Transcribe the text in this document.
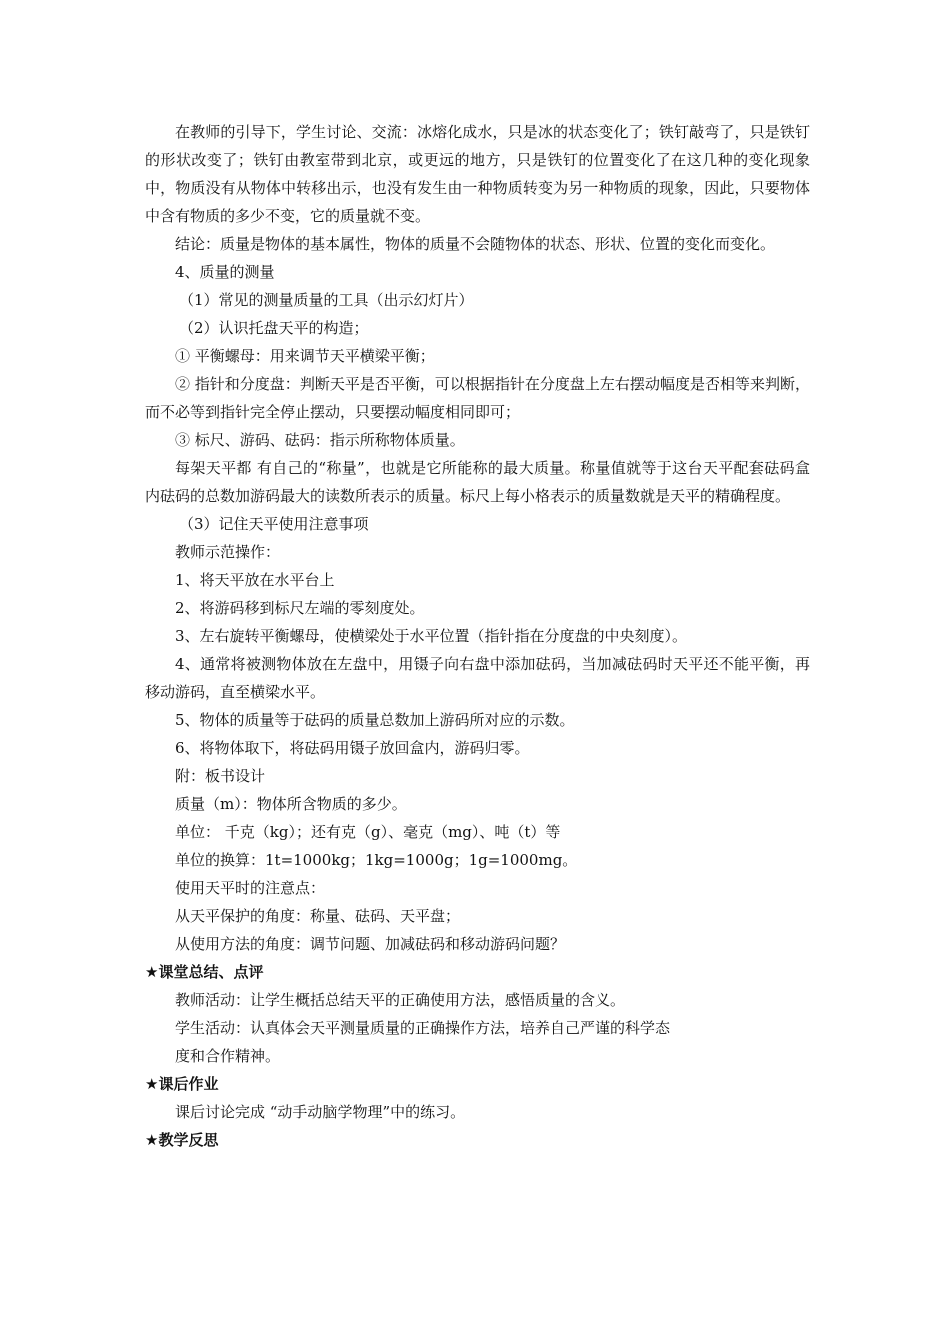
在教师的引导下，学生讨论、交流：冰熔化成水，只是冰的状态变化了；铁钉敲弯了，只是铁钉的形状改变了；铁钉由教室带到北京，或更远的地方，只是铁钉的位置变化了在这几种的变化现象中，物质没有从物体中转移出示，也没有发生由一种物质转变为另一种物质的现象，因此，只要物体中含有物质的多少不变，它的质量就不变。

结论：质量是物体的基本属性，物体的质量不会随物体的状态、形状、位置的变化而变化。

4、质量的测量

（1）常见的测量质量的工具（出示幻灯片）

（2）认识托盘天平的构造；

① 平衡螺母：用来调节天平横梁平衡；

② 指针和分度盘：判断天平是否平衡，可以根据指针在分度盘上左右摆动幅度是否相等来判断，而不必等到指针完全停止摆动，只要摆动幅度相同即可；

③ 标尺、游码、砝码：指示所称物体质量。

每架天平都 有自己的“称量”，也就是它所能称的最大质量。称量值就等于这台天平配套砝码盒内砝码的总数加游码最大的读数所表示的质量。标尺上每小格表示的质量数就是天平的精确程度。

（3）记住天平使用注意事项

教师示范操作：

1、将天平放在水平台上

2、将游码移到标尺左端的零刻度处。

3、左右旋转平衡螺母，使横梁处于水平位置（指针指在分度盘的中央刻度）。

4、通常将被测物体放在左盘中，用镊子向右盘中添加砝码，当加减砝码时天平还不能平衡，再移动游码，直至横梁水平。

5、物体的质量等于砝码的质量总数加上游码所对应的示数。

6、将物体取下，将砝码用镊子放回盒内，游码归零。

附：板书设计

质量（m）：物体所含物质的多少。

单位： 千克（kg）；还有克（g）、毫克（mg）、吨（t）等

单位的换算：1t=1000kg；1kg=1000g；1g=1000mg。

使用天平时的注意点：

从天平保护的角度：称量、砝码、天平盘；

从使用方法的角度：调节问题、加减砝码和移动游码问题？

★课堂总结、点评

教师活动：让学生概括总结天平的正确使用方法，感悟质量的含义。

学生活动：认真体会天平测量质量的正确操作方法，培养自己严谨的科学态

度和合作精神。

★课后作业

课后讨论完成 “动手动脑学物理”中的练习。

★教学反思
